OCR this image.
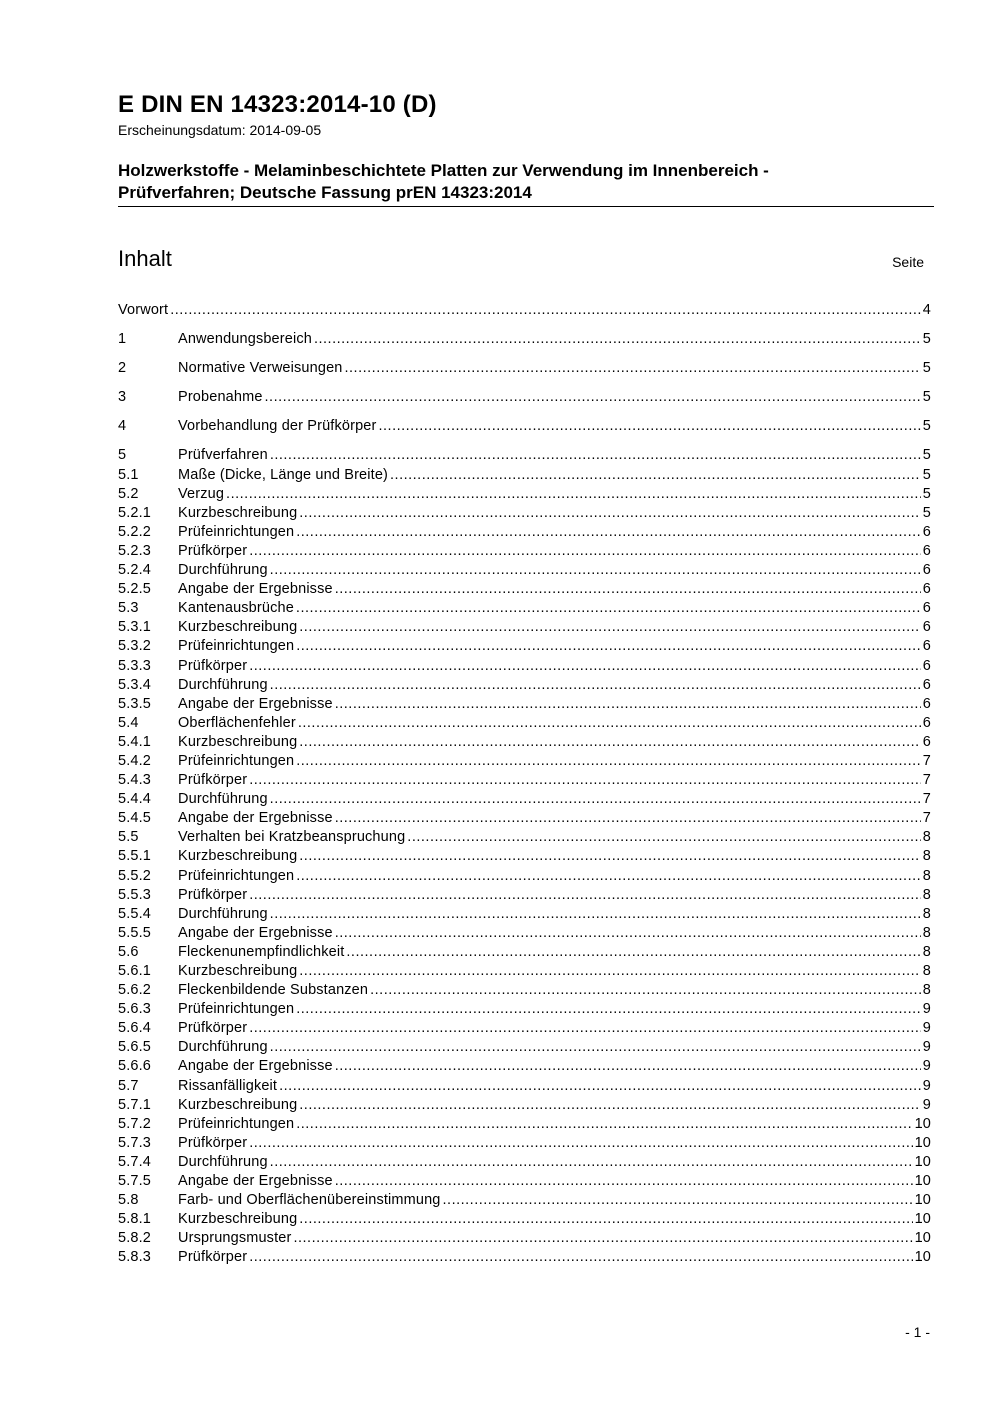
E DIN EN 14323:2014-10 (D)
Erscheinungsdatum: 2014-09-05
Holzwerkstoffe - Melaminbeschichtete Platten zur Verwendung im Innenbereich -
Prüfverfahren; Deutsche Fassung prEN 14323:2014
Inhalt	Seite
Vorwort .....	4
1	Anwendungsbereich .....	5
2	Normative Verweisungen .....	5
3	Probenahme .....	5
4	Vorbehandlung der Prüfkörper .....	5
5	Prüfverfahren .....	5
5.1	Maße (Dicke, Länge und Breite) .....	5
5.2	Verzug .....	5
5.2.1	Kurzbeschreibung .....	5
5.2.2	Prüfeinrichtungen .....	6
5.2.3	Prüfkörper .....	6
5.2.4	Durchführung .....	6
5.2.5	Angabe der Ergebnisse .....	6
5.3	Kantenausbrüche .....	6
5.3.1	Kurzbeschreibung .....	6
5.3.2	Prüfeinrichtungen .....	6
5.3.3	Prüfkörper .....	6
5.3.4	Durchführung .....	6
5.3.5	Angabe der Ergebnisse .....	6
5.4	Oberflächenfehler .....	6
5.4.1	Kurzbeschreibung .....	6
5.4.2	Prüfeinrichtungen .....	7
5.4.3	Prüfkörper .....	7
5.4.4	Durchführung .....	7
5.4.5	Angabe der Ergebnisse .....	7
5.5	Verhalten bei Kratzbeanspruchung .....	8
5.5.1	Kurzbeschreibung .....	8
5.5.2	Prüfeinrichtungen .....	8
5.5.3	Prüfkörper .....	8
5.5.4	Durchführung .....	8
5.5.5	Angabe der Ergebnisse .....	8
5.6	Fleckenunempfindlichkeit .....	8
5.6.1	Kurzbeschreibung .....	8
5.6.2	Fleckenbildende Substanzen .....	8
5.6.3	Prüfeinrichtungen .....	9
5.6.4	Prüfkörper .....	9
5.6.5	Durchführung .....	9
5.6.6	Angabe der Ergebnisse .....	9
5.7	Rissanfälligkeit .....	9
5.7.1	Kurzbeschreibung .....	9
5.7.2	Prüfeinrichtungen .....	10
5.7.3	Prüfkörper .....	10
5.7.4	Durchführung .....	10
5.7.5	Angabe der Ergebnisse .....	10
5.8	Farb- und Oberflächenübereinstimmung .....	10
5.8.1	Kurzbeschreibung .....	10
5.8.2	Ursprungsmuster .....	10
5.8.3	Prüfkörper .....	10
- 1 -
